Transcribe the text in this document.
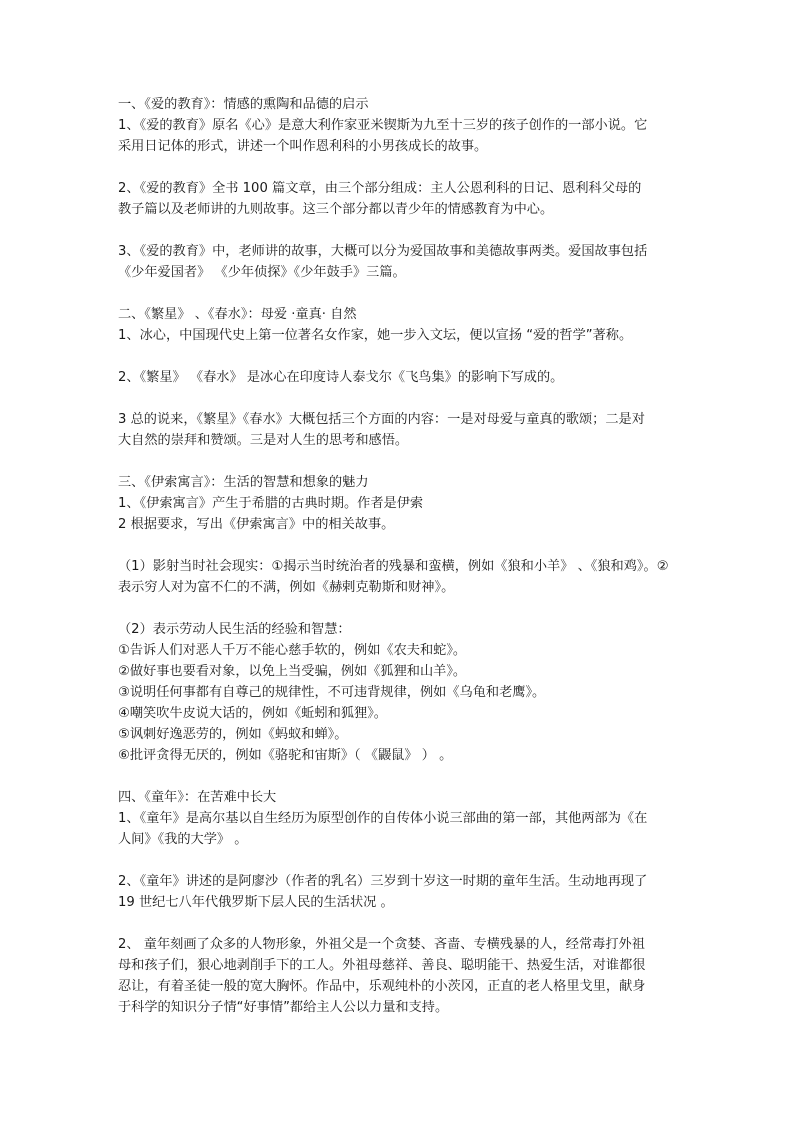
一、《爱的教育》：情感的熏陶和品德的启示
1、《爱的教育》原名《心》是意大利作家亚米锲斯为九至十三岁的孩子创作的一部小说。它
采用日记体的形式，讲述一个叫作恩利科的小男孩成长的故事。
2、《爱的教育》全书 100 篇文章，由三个部分组成：主人公恩利科的日记、恩利科父母的
教子篇以及老师讲的九则故事。这三个部分都以青少年的情感教育为中心。
3、《爱的教育》中，老师讲的故事，大概可以分为爱国故事和美德故事两类。爱国故事包括
《少年爱国者》 《少年侦探》《少年鼓手》三篇。
二、《繁星》 、《春水》：母爱 ·童真· 自然
1、冰心，中国现代史上第一位著名女作家，她一步入文坛，便以宣扬 “爱的哲学”著称。
2、《繁星》 《春水》 是冰心在印度诗人泰戈尔《飞鸟集》的影响下写成的。
3 总的说来，《繁星》《春水》大概包括三个方面的内容：一是对母爱与童真的歌颂；二是对
大自然的崇拜和赞颂。三是对人生的思考和感悟。
三、《伊索寓言》：生活的智慧和想象的魅力
1、《伊索寓言》产生于希腊的古典时期。作者是伊索
2 根据要求，写出《伊索寓言》中的相关故事。
（1）影射当时社会现实：①揭示当时统治者的残暴和蛮横，例如《狼和小羊》 、《狼和鸡》。②
表示穷人对为富不仁的不满，例如《赫剌克勒斯和财神》。
（2）表示劳动人民生活的经验和智慧：
①告诉人们对恶人千万不能心慈手软的，例如《农夫和蛇》。
②做好事也要看对象，以免上当受骗，例如《狐狸和山羊》。
③说明任何事都有自尊己的规律性，不可违背规律，例如《乌龟和老鹰》。
④嘲笑吹牛皮说大话的，例如《蚯蚓和狐狸》。
⑤讽刺好逸恶劳的，例如《蚂蚁和蝉》。
⑥批评贪得无厌的，例如《骆驼和宙斯》（ 《鼹鼠》 ） 。
四、《童年》：在苦难中长大
1、《童年》是高尔基以自生经历为原型创作的自传体小说三部曲的第一部，其他两部为《在
人间》《我的大学》 。
2、《童年》讲述的是阿廖沙（作者的乳名）三岁到十岁这一时期的童年生活。生动地再现了
19 世纪七八年代俄罗斯下层人民的生活状况 。
2、 童年刻画了众多的人物形象，外祖父是一个贪婪、吝啬、专横残暴的人，经常毒打外祖
母和孩子们，狠心地剥削手下的工人。外祖母慈祥、善良、聪明能干、热爱生活，对谁都很
忍让，有着圣徒一般的宽大胸怀。作品中，乐观纯朴的小茨冈，正直的老人格里戈里，献身
于科学的知识分子情“好事情”都给主人公以力量和支持。
